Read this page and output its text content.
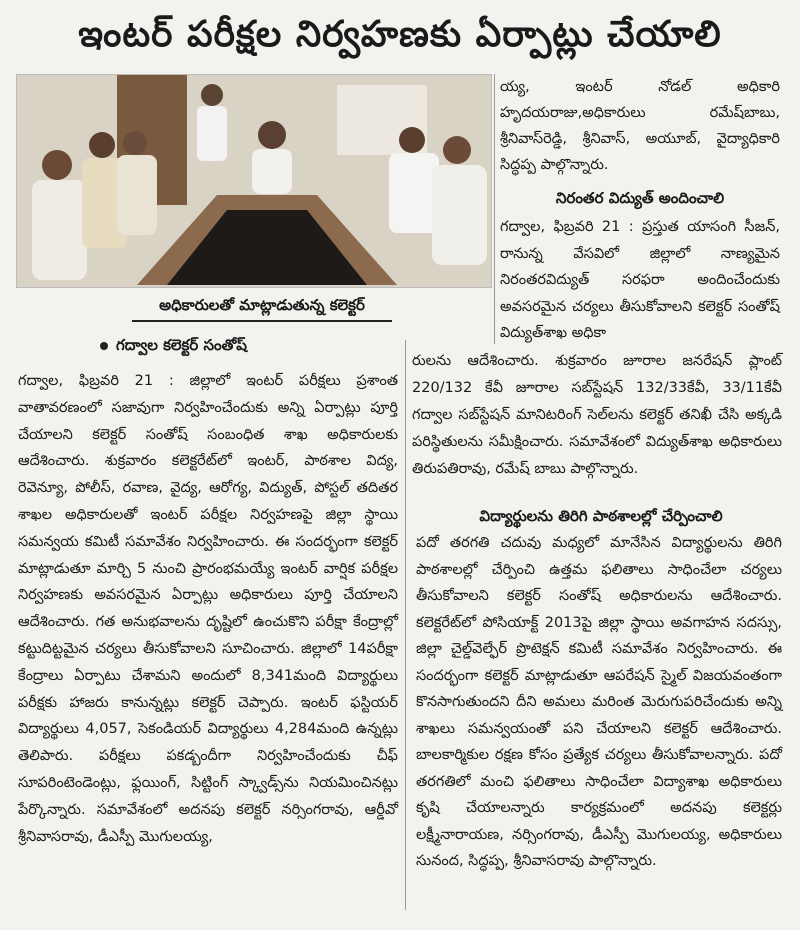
ఇంటర్ పరీక్షల నిర్వహణకు ఏర్పాట్లు చేయాలి
అధికారులతో మాట్లాడుతున్న కలెక్టర్
గద్వాల కలెక్టర్ సంతోష్

గద్వాల, ఫిబ్రవరి 21 : జిల్లాలో ఇంటర్ పరీక్షలు ప్రశాంత వాతావరణంలో సజావుగా నిర్వహించేందుకు అన్ని ఏర్పాట్లు పూర్తి చేయాలని కలెక్టర్ సంతోష్ సంబంధిత శాఖ అధికారులకు ఆదేశించారు. శుక్రవారం కలెక్టరేట్‌లో ఇంటర్, పాఠశాల విద్య, రెవెన్యూ, పోలీస్, రవాణ, వైద్య, ఆరోగ్య, విద్యుత్, పోస్టల్ తదితర శాఖల అధికారులతో ఇంటర్ పరీక్షల నిర్వహణపై జిల్లా స్థాయి సమన్వయ కమిటీ సమావేశం నిర్వహించారు. ఈ సందర్భంగా కలెక్టర్ మాట్లాడుతూ మార్చి 5 నుంచి ప్రారంభమయ్యే ఇంటర్ వార్షిక పరీక్షల నిర్వహణకు అవసరమైన ఏర్పాట్లు అధికారులు పూర్తి చేయాలని ఆదేశించారు. గత అనుభవాలను దృష్టిలో ఉంచుకొని పరీక్షా కేంద్రాల్లో కట్టుదిట్టమైన చర్యలు తీసుకోవాలని సూచించారు. జిల్లాలో 14పరీక్షా కేంద్రాలు ఏర్పాటు చేశామని అందులో 8,341మంది విద్యార్థులు పరీక్షకు హాజరు కానున్నట్లు కలెక్టర్ చెప్పారు. ఇంటర్ ఫస్టియర్ విద్యార్థులు 4,057, సెకండియర్ విద్యార్థులు 4,284మంది ఉన్నట్లు తెలిపారు. పరీక్షలు పకడ్బందీగా నిర్వహించేందుకు చీఫ్ సూపరింటెండెంట్లు, ఫ్లయింగ్, సిట్టింగ్ స్క్వాడ్స్‌ను నియమించినట్లు పేర్కొన్నారు. సమావేశంలో అదనపు కలెక్టర్ నర్సింగరావు, ఆర్డీవో శ్రీనివాసరావు, డీఎస్పీ మొగులయ్య,

య్య, ఇంటర్ నోడల్ అధికారి హృదయరాజు,అధికారులు రమేష్‌బాబు, శ్రీనివాస్‌రెడ్డి, శ్రీనివాస్, అయూబ్, వైద్యాధికారి సిద్ధప్ప పాల్గొన్నారు.

నిరంతర విద్యుత్ అందించాలి

గద్వాల, ఫిబ్రవరి 21 : ప్రస్తుత యాసంగి సీజన్, రానున్న వేసవిలో జిల్లాలో నాణ్యమైన నిరంతరవిద్యుత్ సరఫరా అందించేందుకు అవసరమైన చర్యలు తీసుకోవాలని కలెక్టర్ సంతోష్ విద్యుత్‌శాఖ అధికా

రులను ఆదేశించారు. శుక్రవారం జూరాల జనరేషన్ ప్లాంట్ 220/132 కేవీ జూరాల సబ్‌స్టేషన్ 132/33కేవీ, 33/11కేవీ గద్వాల సబ్‌స్టేషన్ మానిటరింగ్ సెల్‌లను కలెక్టర్ తనిఖీ చేసి అక్కడి పరిస్థితులను సమీక్షించారు. సమావేశంలో విద్యుత్‌శాఖ అధికారులు తిరుపతిరావు, రమేష్ బాబు పాల్గొన్నారు.

విద్యార్థులను తిరిగి పాఠశాలల్లో చేర్పించాలి

పదో తరగతి చదువు మధ్యలో మానేసిన విద్యార్థులను తిరిగి పాఠశాలల్లో చేర్పించి ఉత్తమ ఫలితాలు సాధించేలా చర్యలు తీసుకోవాలని కలెక్టర్ సంతోష్ అధికారులను ఆదేశించారు. కలెక్టరేట్‌లో పోసియాక్ట్ 2013పై జిల్లా స్థాయి అవగాహన సదస్సు, జిల్లా చైల్డ్‌వెల్ఫేర్ ప్రొటెక్షన్ కమిటీ సమావేశం నిర్వహించారు. ఈ సందర్భంగా కలెక్టర్ మాట్లాడుతూ ఆపరేషన్ స్మైల్ విజయవంతంగా కొనసాగుతుందని దీని అమలు మరింత మెరుగుపరిచేందుకు అన్ని శాఖలు సమన్వయంతో పని చేయాలని కలెక్టర్ ఆదేశించారు. బాలకార్మికుల రక్షణ కోసం ప్రత్యేక చర్యలు తీసుకోవాలన్నారు. పదో తరగతిలో మంచి ఫలితాలు సాధించేలా విద్యాశాఖ అధికారులు కృషి చేయాలన్నారు కార్యక్రమంలో అదనపు కలెక్టర్లు లక్ష్మీనారాయణ, నర్సింగరావు, డీఎస్పీ మొగులయ్య, అధికారులు సునంద, సిద్ధప్ప, శ్రీనివాసరావు పాల్గొన్నారు.
